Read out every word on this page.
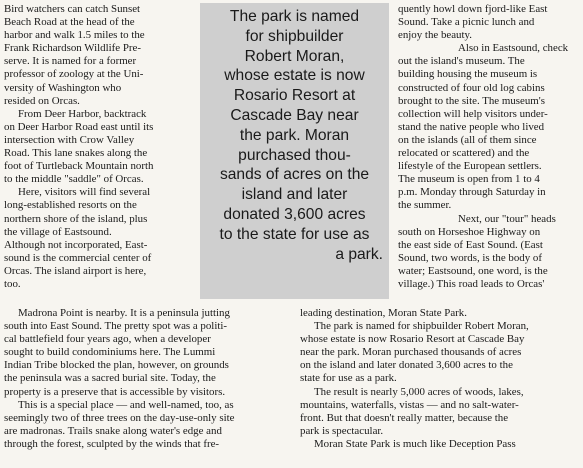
Bird watchers can catch Sunset
Beach Road at the head of the
harbor and walk 1.5 miles to the
Frank Richardson Wildlife Pre-
serve. It is named for a former
professor of zoology at the Uni-
versity of Washington who
resided on Orcas.

From Deer Harbor, backtrack
on Deer Harbor Road east until its
intersection with Crow Valley
Road. This lane snakes along the
foot of Turtleback Mountain north
to the middle "saddle" of Orcas.

Here, visitors will find several
long-established resorts on the
northern shore of the island, plus
the village of Eastsound.
Although not incorporated, East-
sound is the commercial center of
Orcas. The island airport is here,
too.

The park is named
for shipbuilder
Robert Moran,
whose estate is now
Rosario Resort at
Cascade Bay near
the park. Moran
purchased thou-
sands of acres on the
island and later
donated 3,600 acres
to the state for use as
a park.

Madrona Point is nearby. It is a peninsula jutting
south into East Sound. The pretty spot was a politi-
cal battlefield four years ago, when a developer
sought to build condominiums here. The Lummi
Indian Tribe blocked the plan, however, on grounds
the peninsula was a sacred burial site. Today, the
property is a preserve that is accessible by visitors.

This is a special place — and well-named, too, as
seemingly two of three trees on the day-use-only site
are madronas. Trails snake along water's edge and
through the forest, sculpted by the winds that fre-

quently howl down fjord-like East
Sound. Take a picnic lunch and
enjoy the beauty.

Also in Eastsound, check
out the island's museum. The
building housing the museum is
constructed of four old log cabins
brought to the site. The museum's
collection will help visitors under-
stand the native people who lived
on the islands (all of them since
relocated or scattered) and the
lifestyle of the European settlers.
The museum is open from 1 to 4
p.m. Monday through Saturday in
the summer.

Next, our "tour" heads
south on Horseshoe Highway on
the east side of East Sound. (East
Sound, two words, is the body of
water; Eastsound, one word, is the
village.) This road leads to Orcas'

leading destination, Moran State Park.

The park is named for shipbuilder Robert Moran,
whose estate is now Rosario Resort at Cascade Bay
near the park. Moran purchased thousands of acres
on the island and later donated 3,600 acres to the
state for use as a park.

The result is nearly 5,000 acres of woods, lakes,
mountains, waterfalls, vistas — and no salt-water-
front. But that doesn't really matter, because the
park is spectacular.

Moran State Park is much like Deception Pass
